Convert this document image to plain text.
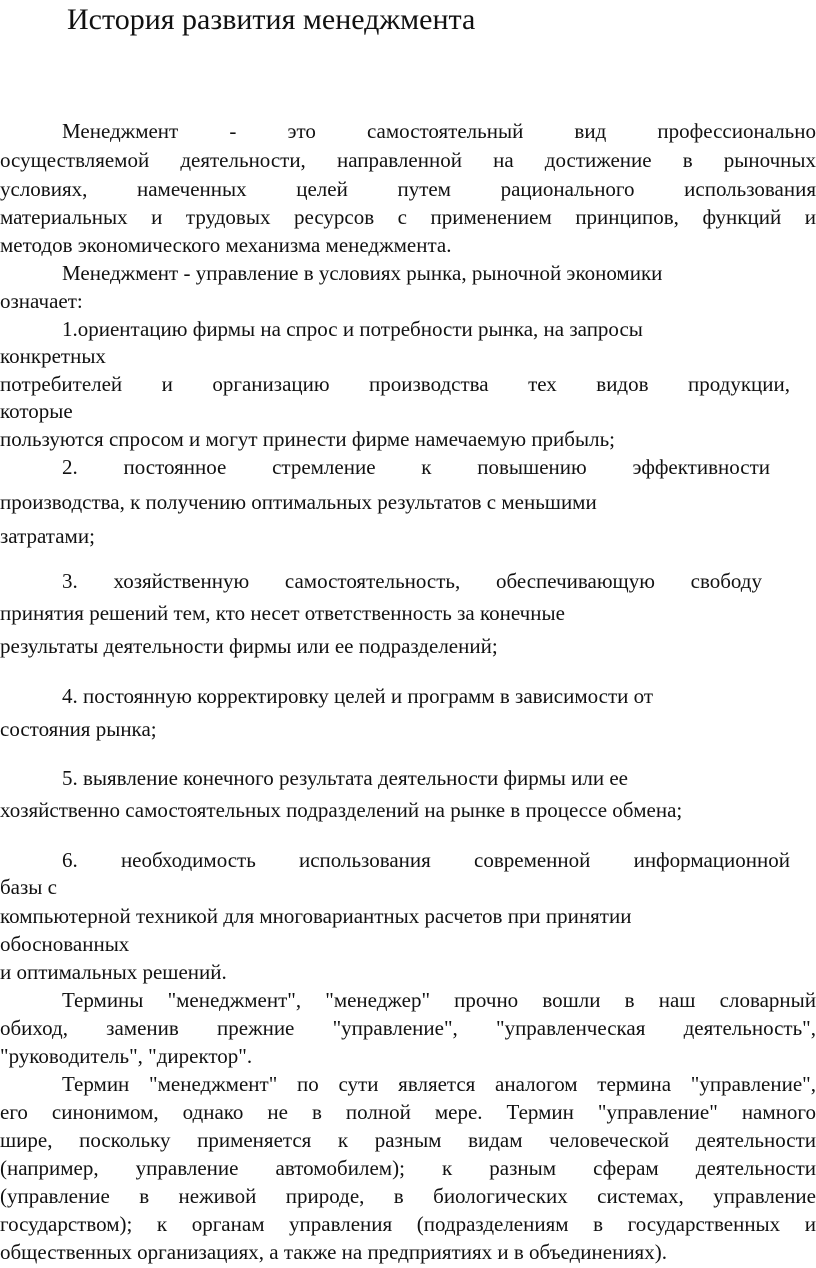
История развития менеджмента
Менеджмент - это самостоятельный вид профессионально
осуществляемой деятельности, направленной на достижение в рыночных
условиях, намеченных целей путем рационального использования
материальных и трудовых ресурсов с применением принципов, функций и
методов экономического механизма менеджмента.
Менеджмент - управление в условиях рынка, рыночной экономики
означает:
1.ориентацию фирмы на спрос и потребности рынка, на запросы
конкретных
потребителей и организацию производства тех видов продукции,
которые
пользуются спросом и могут принести фирме намечаемую прибыль;
2. постоянное стремление к повышению эффективности
производства, к получению оптимальных результатов с меньшими
затратами;
3. хозяйственную самостоятельность, обеспечивающую свободу
принятия решений тем, кто несет ответственность за конечные
результаты деятельности фирмы или ее подразделений;
4. постоянную корректировку целей и программ в зависимости от
состояния рынка;
5. выявление конечного результата деятельности фирмы или ее
хозяйственно самостоятельных подразделений на рынке в процессе обмена;
6. необходимость использования современной информационной
базы с
компьютерной техникой для многовариантных расчетов при принятии
обоснованных
и оптимальных решений.
Термины "менеджмент", "менеджер" прочно вошли в наш словарный
обиход, заменив прежние "управление", "управленческая деятельность",
"руководитель", "директор".
Термин "менеджмент" по сути является аналогом термина "управление",
его синонимом, однако не в полной мере. Термин "управление" намного
шире, поскольку применяется к разным видам человеческой деятельности
(например, управление автомобилем); к разным сферам деятельности
(управление в неживой природе, в биологических системах, управление
государством); к органам управления (подразделениям в государственных и
общественных организациях, а также на предприятиях и в объединениях).
